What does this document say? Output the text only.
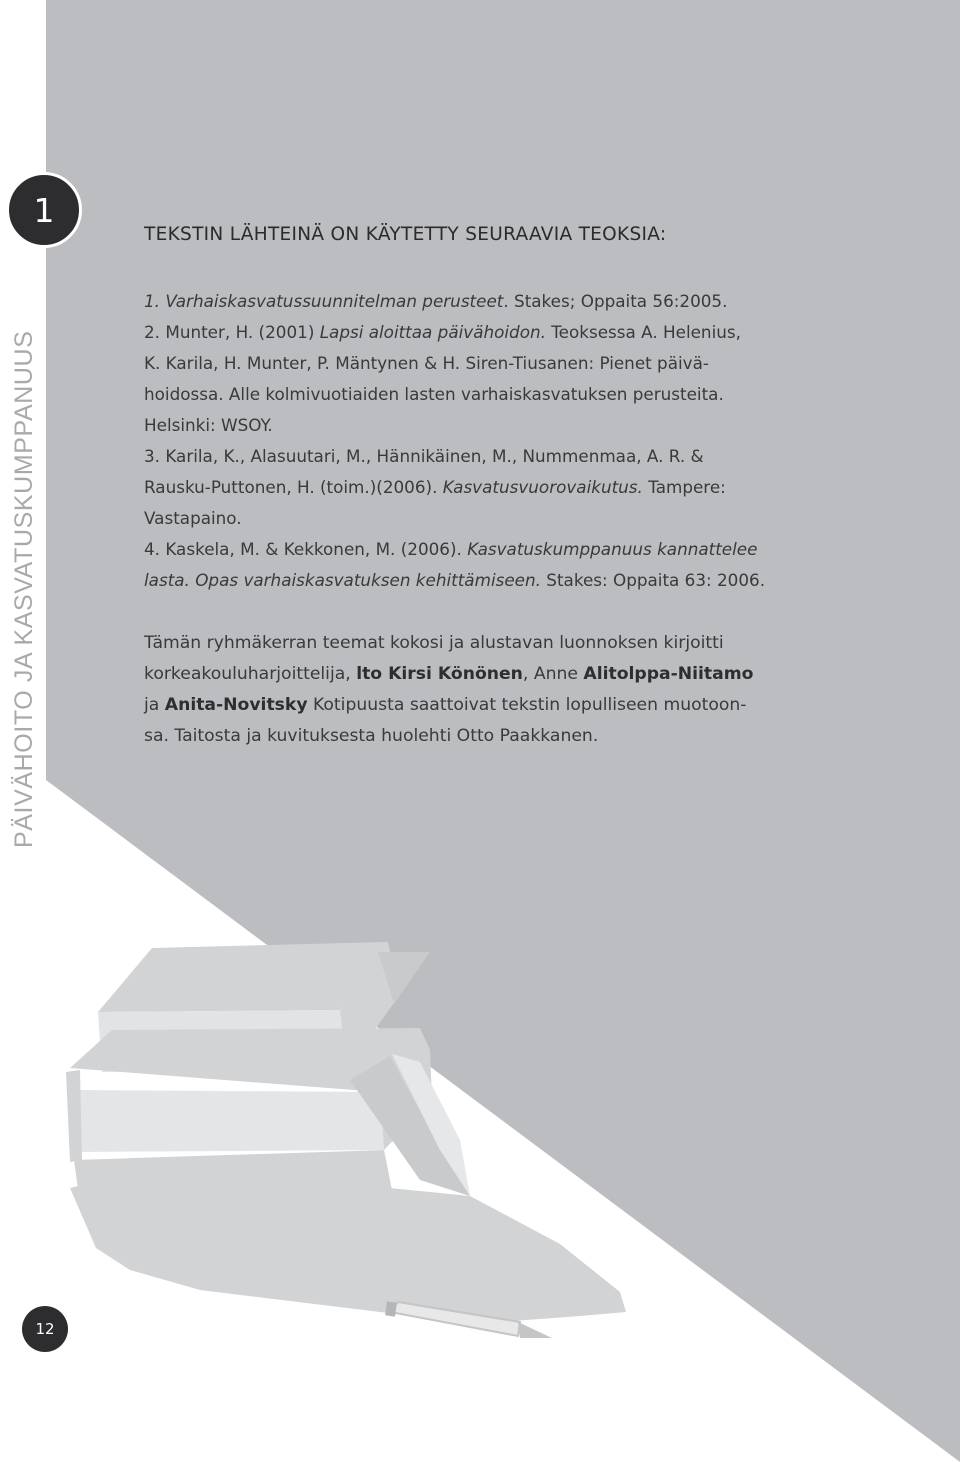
PÄIVÄHOITO JA KASVATUSKUMPPANUUS
1
TEKSTIN LÄHTEINÄ ON KÄYTETTY SEURAAVIA TEOKSIA:

1. Varhaiskasvatussuunnitelman perusteet. Stakes; Oppaita 56:2005.

2. Munter, H. (2001) Lapsi aloittaa päivähoidon. Teoksessa A. Helenius,
K. Karila, H. Munter, P. Mäntynen & H. Siren-Tiusanen: Pienet päivä-
hoidossa. Alle kolmivuotiaiden lasten varhaiskasvatuksen perusteita.
Helsinki: WSOY.

3. Karila, K., Alasuutari, M., Hännikäinen, M., Nummenmaa, A. R. &
Rausku-Puttonen, H. (toim.)(2006). Kasvatusvuorovaikutus. Tampere:
Vastapaino.

4. Kaskela, M. & Kekkonen, M. (2006). Kasvatuskumppanuus kannattelee
lasta. Opas varhaiskasvatuksen kehittämiseen. Stakes: Oppaita 63: 2006.

Tämän ryhmäkerran teemat kokosi ja alustavan luonnoksen kirjoitti
korkeakouluharjoittelija, lto Kirsi Könönen, Anne Alitolppa-Niitamo
ja Anita-Novitsky Kotipuusta saattoivat tekstin lopulliseen muotoon-
sa. Taitosta ja kuvituksesta huolehti Otto Paakkanen.

12
